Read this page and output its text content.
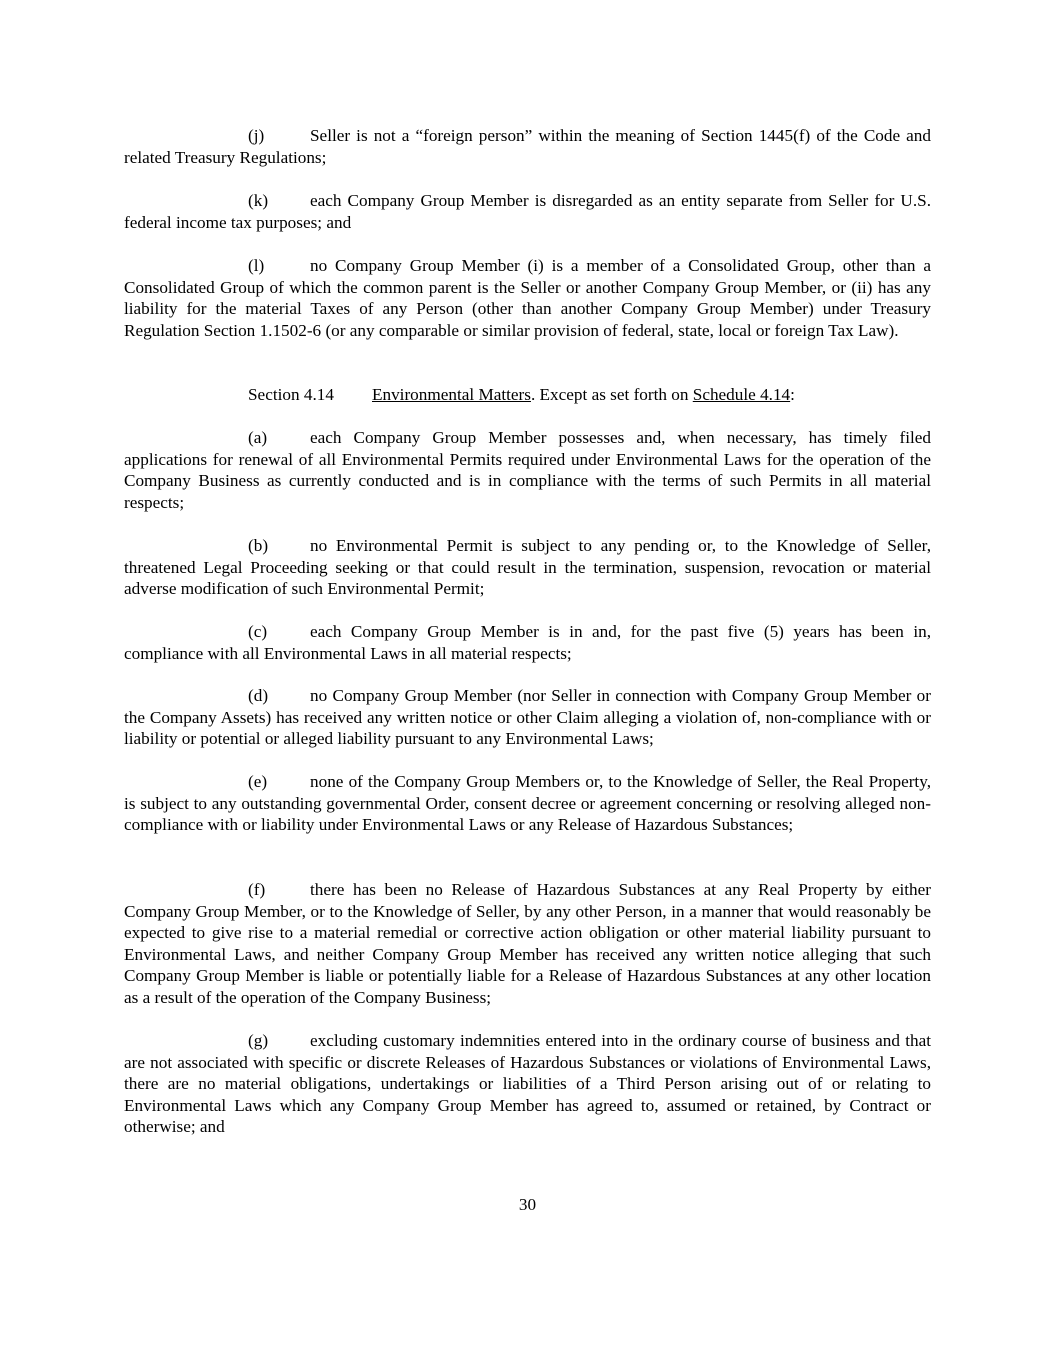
(j)	Seller is not a “foreign person” within the meaning of Section 1445(f) of the Code and related Treasury Regulations;

(k) each Company Group Member is disregarded as an entity separate from Seller for U.S. federal income tax purposes; and

(l)	no Company Group Member (i) is a member of a Consolidated Group, other than a Consolidated Group of which the common parent is the Seller or another Company Group Member, or (ii) has any liability for the material Taxes of any Person (other than another Company Group Member) under Treasury Regulation Section 1.1502-6 (or any comparable or similar provision of federal, state, local or foreign Tax Law).

Section 4.14 Environmental Matters. Except as set forth on Schedule 4.14:

(a) each Company Group Member possesses and, when necessary, has timely filed applications for renewal of all Environmental Permits required under Environmental Laws for the operation of the Company Business as currently conducted and is in compliance with the terms of such Permits in all material respects;

(b) no Environmental Permit is subject to any pending or, to the Knowledge of Seller, threatened Legal Proceeding seeking or that could result in the termination, suspension, revocation or material adverse modification of such Environmental Permit;

(c) each Company Group Member is in and, for the past five (5) years has been in, compliance with all Environmental Laws in all material respects;

(d) no Company Group Member (nor Seller in connection with Company Group Member or the Company Assets) has received any written notice or other Claim alleging a violation of, non-compliance with or liability or potential or alleged liability pursuant to any Environmental Laws;

(e) none of the Company Group Members or, to the Knowledge of Seller, the Real Property, is subject to any outstanding governmental Order, consent decree or agreement concerning or resolving alleged non-compliance with or liability under Environmental Laws or any Release of Hazardous Substances;

(f)	there has been no Release of Hazardous Substances at any Real Property by either Company Group Member, or to the Knowledge of Seller, by any other Person, in a manner that would reasonably be expected to give rise to a material remedial or corrective action obligation or other material liability pursuant to Environmental Laws, and neither Company Group Member has received any written notice alleging that such Company Group Member is liable or potentially liable for a Release of Hazardous Substances at any other location as a result of the operation of the Company Business;

(g) excluding customary indemnities entered into in the ordinary course of business and that are not associated with specific or discrete Releases of Hazardous Substances or violations of Environmental Laws, there are no material obligations, undertakings or liabilities of a Third Person arising out of or relating to Environmental Laws which any Company Group Member has agreed to, assumed or retained, by Contract or otherwise; and

30
